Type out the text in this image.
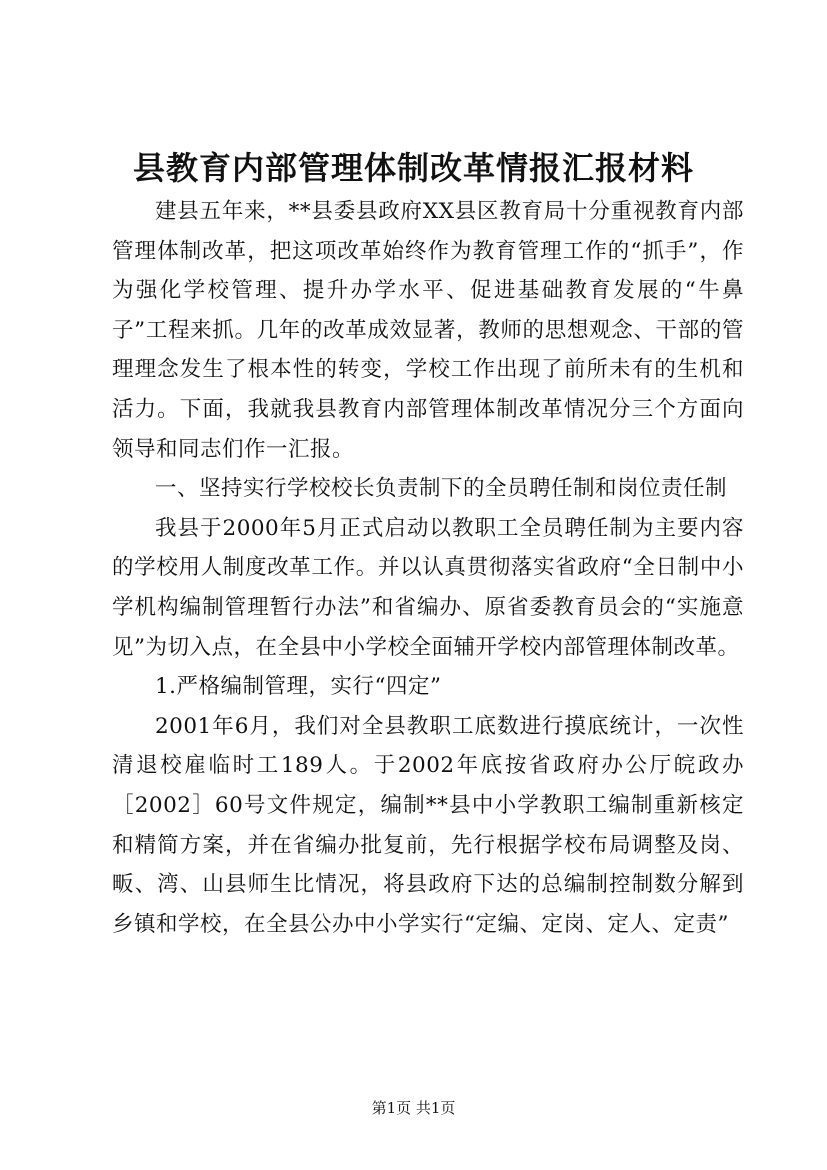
县教育内部管理体制改革情报汇报材料

建县五年来，**县委县政府XX县区教育局十分重视教育内部管理体制改革，把这项改革始终作为教育管理工作的“抓手”，作为强化学校管理、提升办学水平、促进基础教育发展的“牛鼻子”工程来抓。几年的改革成效显著，教师的思想观念、干部的管理理念发生了根本性的转变，学校工作出现了前所未有的生机和活力。下面，我就我县教育内部管理体制改革情况分三个方面向领导和同志们作一汇报。

一、坚持实行学校校长负责制下的全员聘任制和岗位责任制

我县于2000年5月正式启动以教职工全员聘任制为主要内容的学校用人制度改革工作。并以认真贯彻落实省政府“全日制中小学机构编制管理暂行办法”和省编办、原省委教育员会的“实施意见”为切入点，在全县中小学校全面辅开学校内部管理体制改革。

1.严格编制管理，实行“四定”

2001年6月，我们对全县教职工底数进行摸底统计，一次性清退校雇临时工189人。于2002年底按省政府办公厅皖政办［2002］60号文件规定，编制**县中小学教职工编制重新核定和精简方案，并在省编办批复前，先行根据学校布局调整及岗、畈、湾、山县师生比情况，将县政府下达的总编制控制数分解到乡镇和学校，在全县公办中小学实行“定编、定岗、定人、定责”

第1页 共1页
